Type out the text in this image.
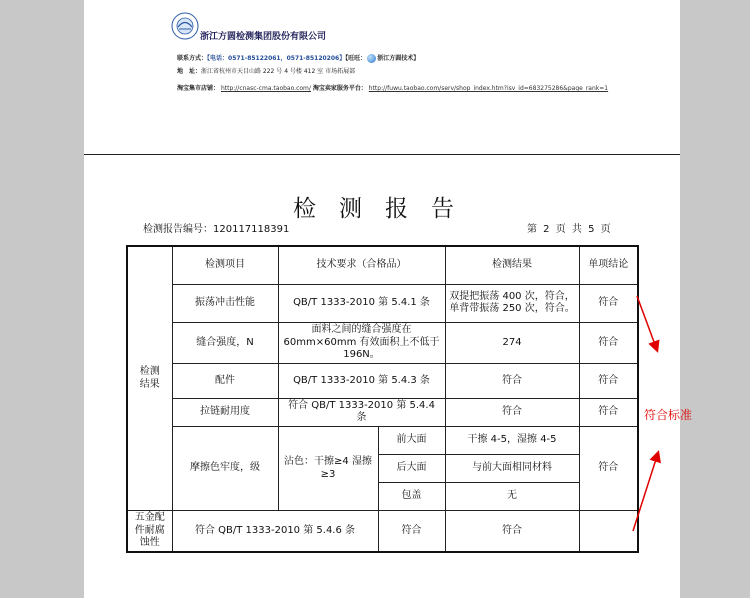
浙江方圆检测集团股份有限公司
联系方式：【电话：0571-85122061，0571-85120206】【旺旺： 浙江方圆技术】
地　址：浙江省杭州市天目山路 222 号 4 号楼 412 室 市场拓展部
淘宝集市店铺： http://cnasc-cma.taobao.com/ 淘宝卖家服务平台： http://fuwu.taobao.com/serv/shop_index.htm?isv_id=683275286&page_rank=1
检测报告
检测报告编号：120117118391	第 2 页 共 5 页
检测结果	检测项目	技术要求（合格品）		检测结果	单项结论
	振荡冲击性能	QB/T 1333-2010 第 5.4.1 条		双提把振荡 400 次，符合，单背带振荡 250 次，符合。	符合
	缝合强度，N	面料之间的缝合强度在 60mm×60mm 有效面积上不低于 196N。		274	符合
	配件	QB/T 1333-2010 第 5.4.3 条		符合	符合
	拉链耐用度	符合 QB/T 1333-2010 第 5.4.4 条		符合	符合
	摩擦色牢度，级	沾色：干擦≥4 湿擦≥3	前大面	干擦 4-5，湿擦 4-5	符合
			后大面	与前大面相同材料	
			包盖	无	
五金配件耐腐蚀性	符合 QB/T 1333-2010 第 5.4.6 条		符合	符合	
符合标准
